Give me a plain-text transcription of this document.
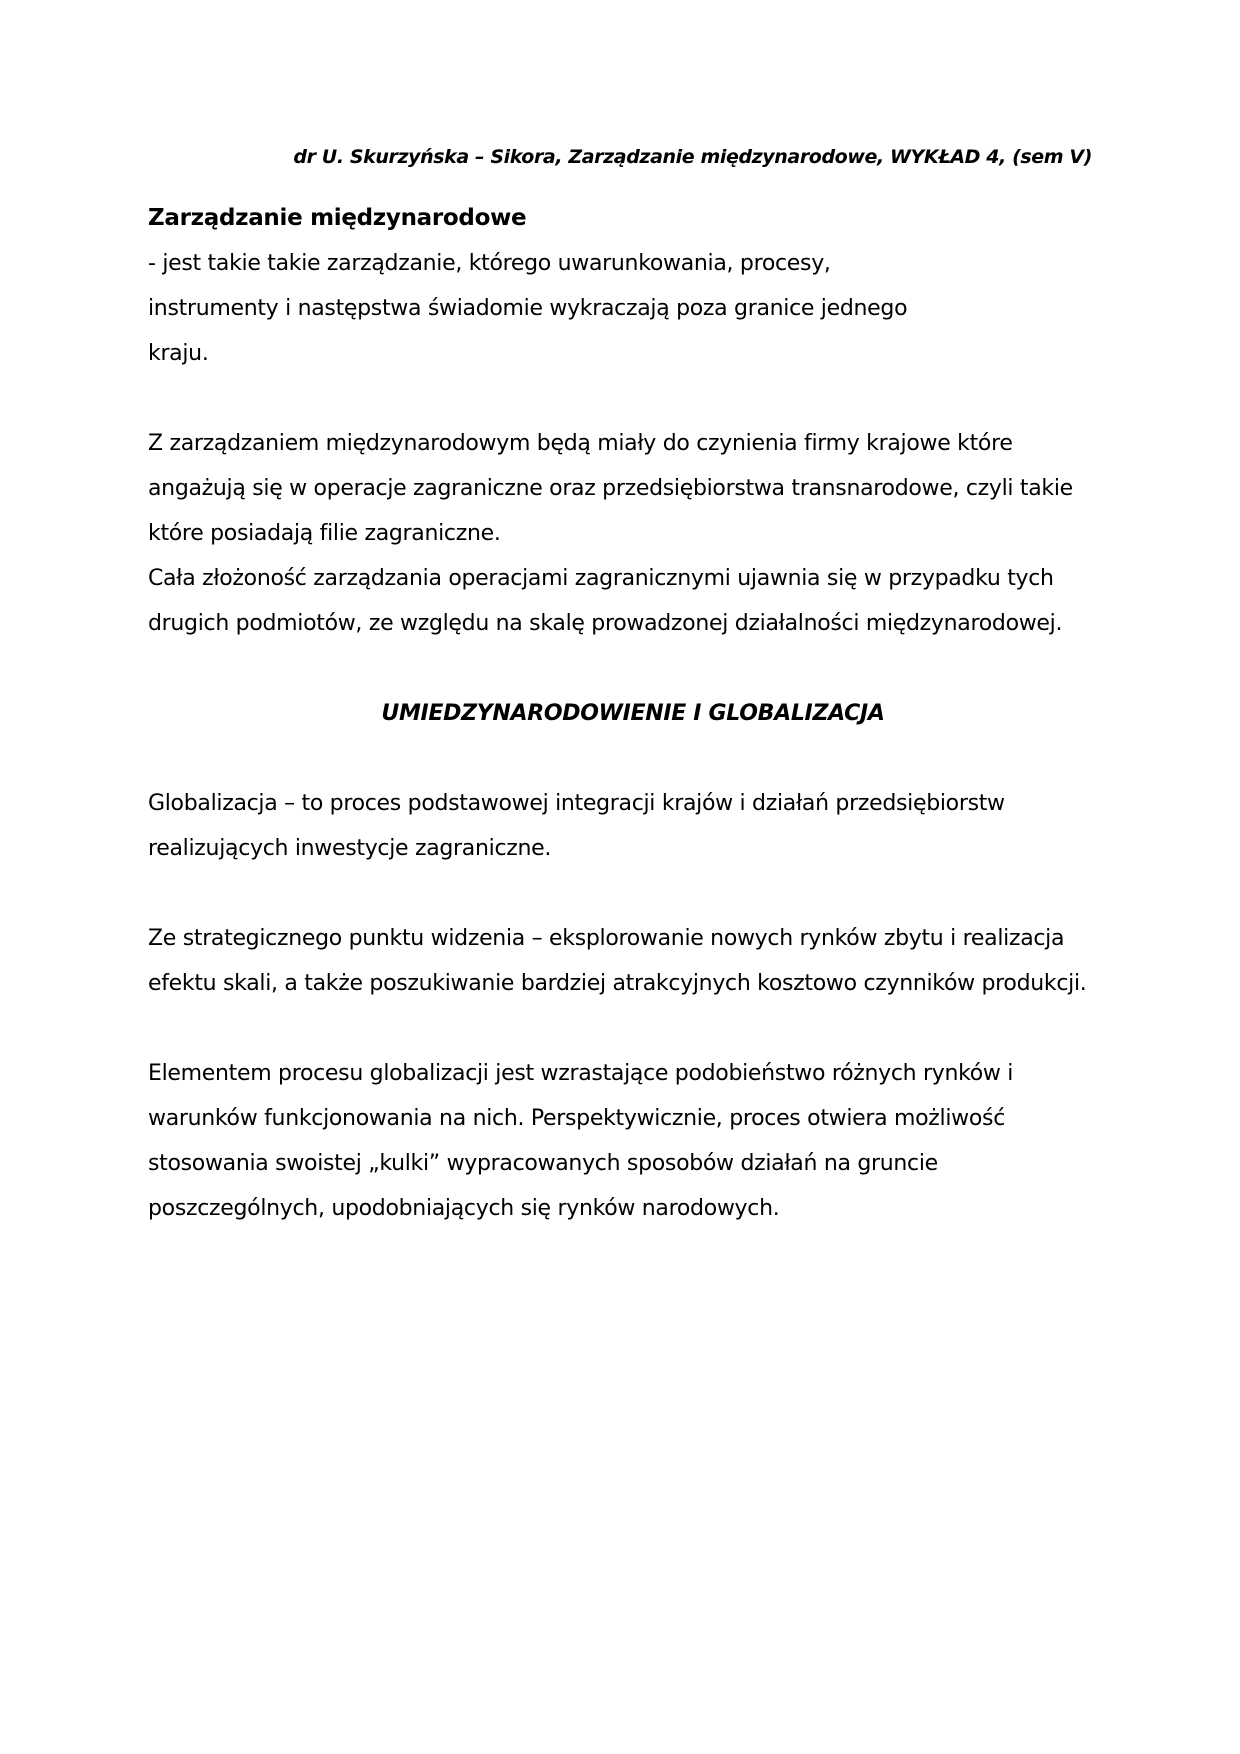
dr U. Skurzyńska – Sikora, Zarządzanie międzynarodowe, WYKŁAD 4, (sem V)
Zarządzanie międzynarodowe

- jest takie takie zarządzanie, którego uwarunkowania, procesy, instrumenty i następstwa świadomie wykraczają poza granice jednego kraju.

Z zarządzaniem międzynarodowym będą miały do czynienia firmy krajowe które angażują się w operacje zagraniczne oraz przedsiębiorstwa transnarodowe, czyli takie które posiadają filie zagraniczne.

Cała złożoność zarządzania operacjami zagranicznymi ujawnia się w przypadku tych drugich podmiotów, ze względu na skalę prowadzonej działalności międzynarodowej.

UMIEDZYNARODOWIENIE I GLOBALIZACJA

Globalizacja – to proces podstawowej integracji krajów i działań przedsiębiorstw realizujących inwestycje zagraniczne.

Ze strategicznego punktu widzenia – eksplorowanie nowych rynków zbytu i realizacja efektu skali, a także poszukiwanie bardziej atrakcyjnych kosztowo czynników produkcji.

Elementem procesu globalizacji jest wzrastające podobieństwo różnych rynków i warunków funkcjonowania na nich. Perspektywicznie, proces otwiera możliwość stosowania swoistej „kulki” wypracowanych sposobów działań na gruncie poszczególnych, upodobniających się rynków narodowych.
